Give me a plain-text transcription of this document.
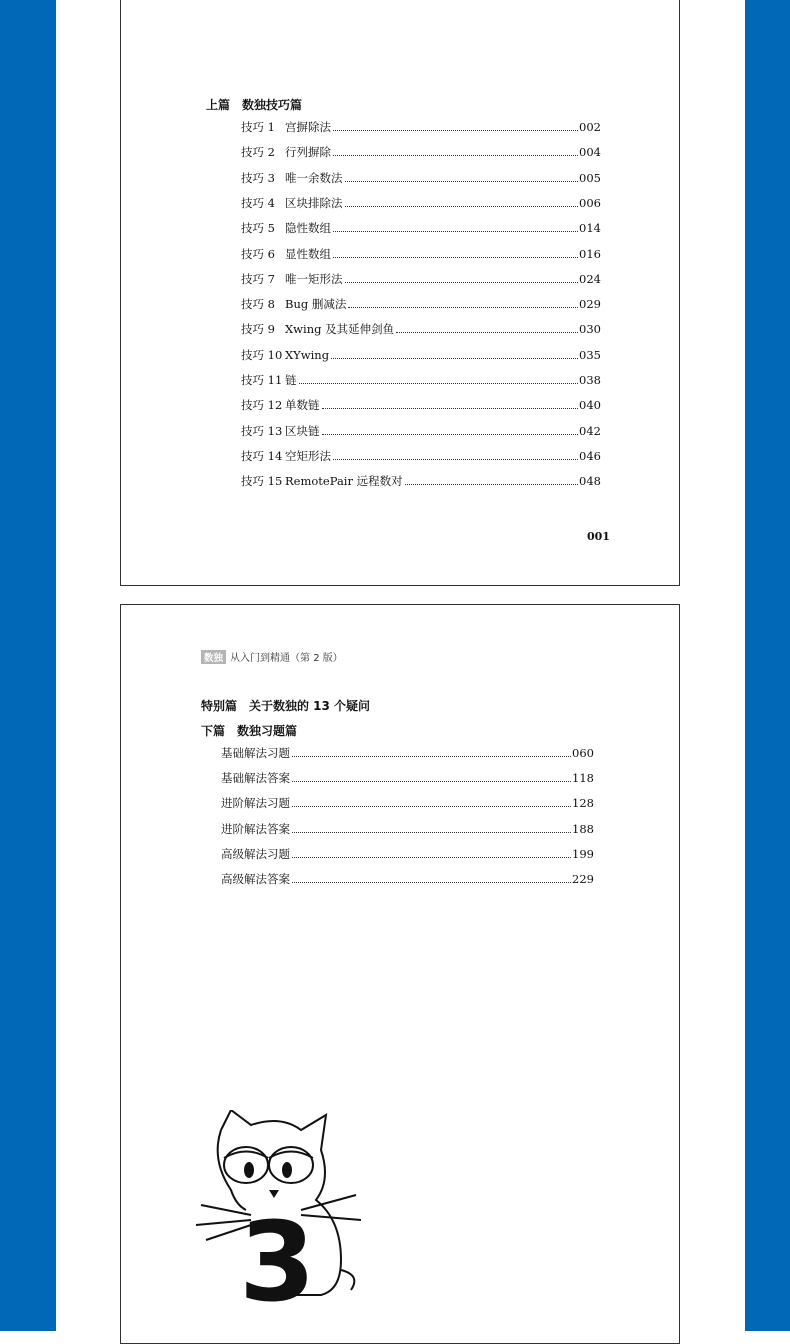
上篇　数独技巧篇
技巧 1 宫摒除法	002
技巧 2 行列摒除	004
技巧 3 唯一余数法	005
技巧 4 区块排除法	006
技巧 5 隐性数组	014
技巧 6 显性数组	016
技巧 7 唯一矩形法	024
技巧 8 Bug 删减法	029
技巧 9 Xwing 及其延伸剑鱼	030
技巧 10 XYwing	035
技巧 11 链	038
技巧 12 单数链	040
技巧 13 区块链	042
技巧 14 空矩形法	046
技巧 15 RemotePair 远程数对	048
001
数独 从入门到精通（第 2 版）
特别篇　关于数独的 13 个疑问
下篇　数独习题篇
基础解法习题	060
基础解法答案	118
进阶解法习题	128
进阶解法答案	188
高级解法习题	199
高级解法答案	229
3
